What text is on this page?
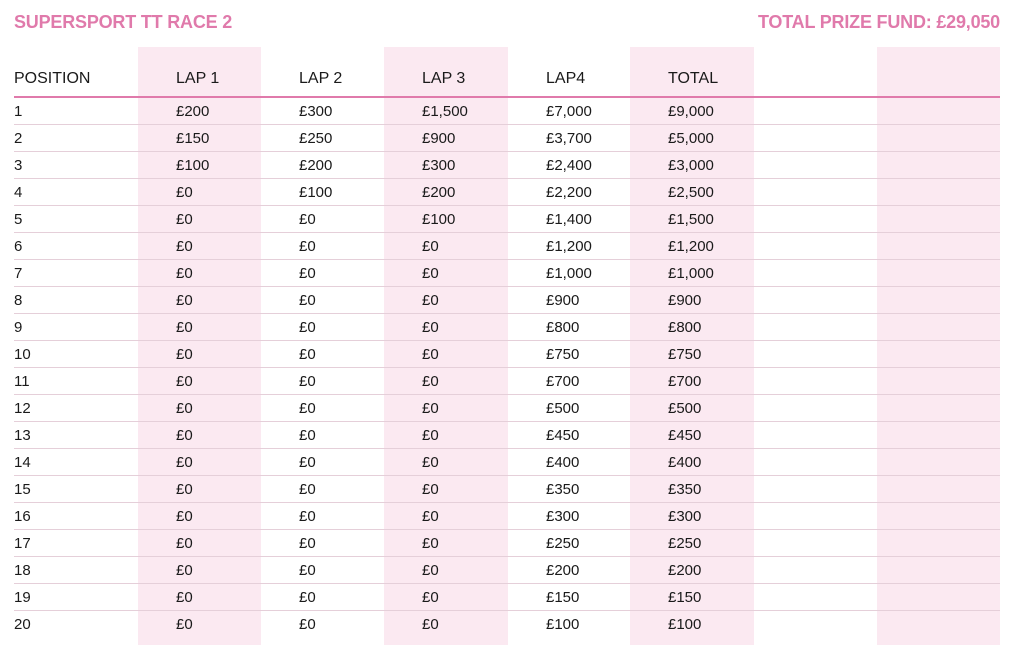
SUPERSPORT TT RACE 2	TOTAL PRIZE FUND: £29,050
POSITION	LAP 1	LAP 2	LAP 3	LAP4	TOTAL		
1	£200	£300	£1,500	£7,000	£9,000		
2	£150	£250	£900	£3,700	£5,000		
3	£100	£200	£300	£2,400	£3,000		
4	£0	£100	£200	£2,200	£2,500		
5	£0	£0	£100	£1,400	£1,500		
6	£0	£0	£0	£1,200	£1,200		
7	£0	£0	£0	£1,000	£1,000		
8	£0	£0	£0	£900	£900		
9	£0	£0	£0	£800	£800		
10	£0	£0	£0	£750	£750		
11	£0	£0	£0	£700	£700		
12	£0	£0	£0	£500	£500		
13	£0	£0	£0	£450	£450		
14	£0	£0	£0	£400	£400		
15	£0	£0	£0	£350	£350		
16	£0	£0	£0	£300	£300		
17	£0	£0	£0	£250	£250		
18	£0	£0	£0	£200	£200		
19	£0	£0	£0	£150	£150		
20	£0	£0	£0	£100	£100		
